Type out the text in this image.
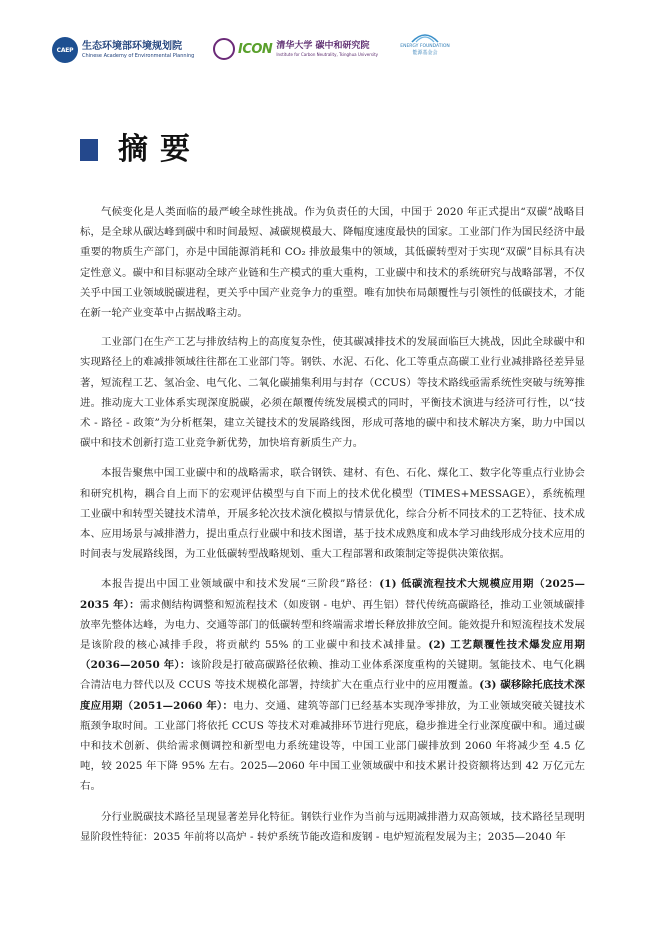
CAEP 生态环境部环境规划院
Chinese Academy of Environmental Planning	ICON 清华大学 碳中和研究院
Institute for Carbon Neutrality, Tsinghua University
ENERGY FOUNDATION
能源基金会
摘要

气候变化是人类面临的最严峻全球性挑战。作为负责任的大国，中国于 2020 年正式提出“双碳”战略目标，是全球从碳达峰到碳中和时间最短、减碳规模最大、降幅度速度最快的国家。工业部门作为国民经济中最重要的物质生产部门，亦是中国能源消耗和 CO₂ 排放最集中的领域，其低碳转型对于实现“双碳”目标具有决定性意义。碳中和目标驱动全球产业链和生产模式的重大重构，工业碳中和技术的系统研究与战略部署，不仅关乎中国工业领域脱碳进程，更关乎中国产业竞争力的重塑。唯有加快布局颠覆性与引领性的低碳技术，才能在新一轮产业变革中占据战略主动。

工业部门在生产工艺与排放结构上的高度复杂性，使其碳减排技术的发展面临巨大挑战，因此全球碳中和实现路径上的难减排领域往往都在工业部门等。钢铁、水泥、石化、化工等重点高碳工业行业减排路径差异显著，短流程工艺、氢冶金、电气化、二氧化碳捕集利用与封存（CCUS）等技术路线亟需系统性突破与统筹推进。推动庞大工业体系实现深度脱碳，必须在颠覆传统发展模式的同时，平衡技术演进与经济可行性，以“技术 - 路径 - 政策”为分析框架，建立关键技术的发展路线图，形成可落地的碳中和技术解决方案，助力中国以碳中和技术创新打造工业竞争新优势，加快培育新质生产力。

本报告聚焦中国工业碳中和的战略需求，联合钢铁、建材、有色、石化、煤化工、数字化等重点行业协会和研究机构，耦合自上而下的宏观评估模型与自下而上的技术优化模型（TIMES+MESSAGE），系统梳理工业碳中和转型关键技术清单，开展多轮次技术演化模拟与情景优化，综合分析不同技术的工艺特征、技术成本、应用场景与减排潜力，提出重点行业碳中和技术图谱，基于技术成熟度和成本学习曲线形成分技术应用的时间表与发展路线图，为工业低碳转型战略规划、重大工程部署和政策制定等提供决策依据。

本报告提出中国工业领域碳中和技术发展“三阶段”路径：(1) 低碳流程技术大规模应用期（2025—2035 年）：需求侧结构调整和短流程技术（如废钢 - 电炉、再生铝）替代传统高碳路径，推动工业领域碳排放率先整体达峰，为电力、交通等部门的低碳转型和终端需求增长释放排放空间。能效提升和短流程技术发展是该阶段的核心减排手段，将贡献约 55% 的工业碳中和技术减排量。(2) 工艺颠覆性技术爆发应用期（2036—2050 年）：该阶段是打破高碳路径依赖、推动工业体系深度重构的关键期。氢能技术、电气化耦合清洁电力替代以及 CCUS 等技术规模化部署，持续扩大在重点行业中的应用覆盖。(3) 碳移除托底技术深度应用期（2051—2060 年）：电力、交通、建筑等部门已经基本实现净零排放，为工业领域突破关键技术瓶颈争取时间。工业部门将依托 CCUS 等技术对难减排环节进行兜底，稳步推进全行业深度碳中和。通过碳中和技术创新、供给需求侧调控和新型电力系统建设等，中国工业部门碳排放到 2060 年将减少至 4.5 亿吨，较 2025 年下降 95% 左右。2025—2060 年中国工业领域碳中和技术累计投资额将达到 42 万亿元左右。

分行业脱碳技术路径呈现显著差异化特征。钢铁行业作为当前与远期减排潜力双高领域，技术路径呈现明显阶段性特征：2035 年前将以高炉 - 转炉系统节能改造和废钢 - 电炉短流程发展为主；2035—2040 年
